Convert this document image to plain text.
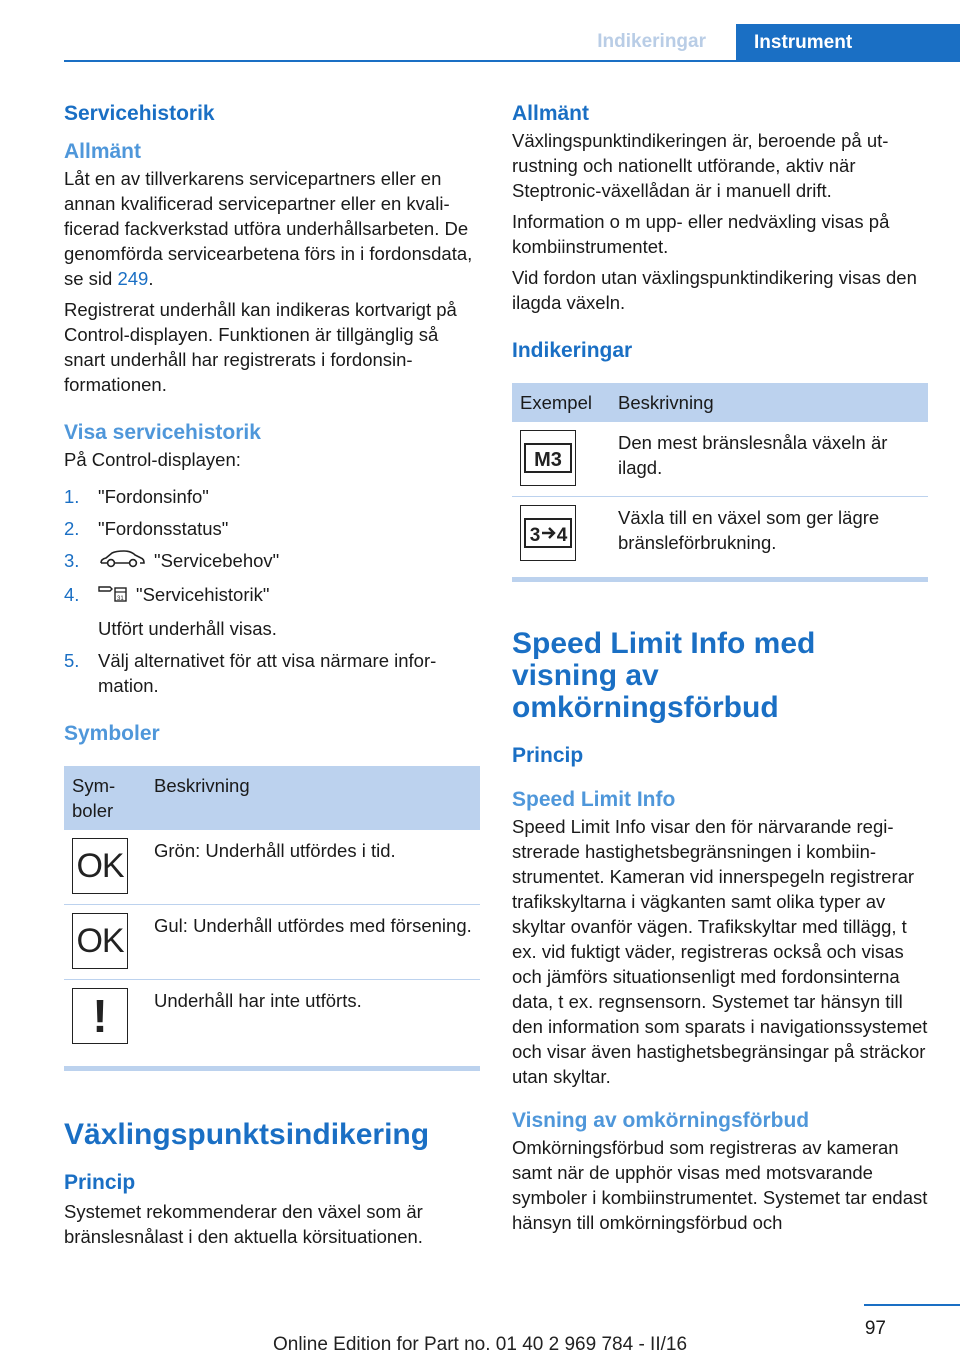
Indikeringar	Instrument
Servicehistorik
Allmänt

Låt en av tillverkarens servicepartners eller en annan kvalificerad servicepartner eller en kvalificerad fackverkstad utföra underhållsarbeten. De genomförda servicearbetena förs in i fordonsdata, se sid 249.

Registrerat underhåll kan indikeras kortvarigt på Control-displayen. Funktionen är tillgänglig så snart underhåll har registrerats i fordonsinformationen.

Visa servicehistorik

På Control-displayen:

1. "Fordonsinfo"
2. "Fordonsstatus"
3.	"Servicebehov"
4.	31 "Servicehistorik"
Utfört underhåll visas.
5. Välj alternativet för att visa närmare information.
Symboler
Symboler	Beskrivning

OK	Grön: Underhåll utfördes i tid.

OK	Gul: Underhåll utfördes med försening.

!	Underhåll har inte utförts.
Växlingspunktsindikering
Princip

Systemet rekommenderar den växel som är bränslesnålast i den aktuella körsituationen.

Allmänt

Växlingspunktindikeringen är, beroende på utrustning och nationellt utförande, aktiv när Steptronic-växellådan är i manuell drift.

Information o m upp- eller nedväxling visas på kombiinstrumentet.

Vid fordon utan växlingspunktindikering visas den ilagda växeln.

Indikeringar
Exempel	Beskrivning

M3	Den mest bränslesnåla växeln är ilagd.

3 4	Växla till en växel som ger lägre bränsleförbrukning.
Speed Limit Info med visning av omkörningsförbud
Princip
Speed Limit Info

Speed Limit Info visar den för närvarande registrerade hastighetsbegränsningen i kombiinstrumentet. Kameran vid innerspegeln registrerar trafikskyltarna i vägkanten samt olika typer av skyltar ovanför vägen. Trafikskyltar med tillägg, t ex. vid fuktigt väder, registreras också och visas och jämförs situationsenligt med fordonsinterna data, t ex. regnsensorn. Systemet tar hänsyn till den information som sparats i navigationssystemet och visar även hastighetsbegränsingar på sträckor utan skyltar.

Visning av omkörningsförbud

Omkörningsförbud som registreras av kameran samt när de upphör visas med motsvarande symboler i kombiinstrumentet. Systemet tar endast hänsyn till omkörningsförbud och

97
Online Edition for Part no. 01 40 2 969 784 - II/16
